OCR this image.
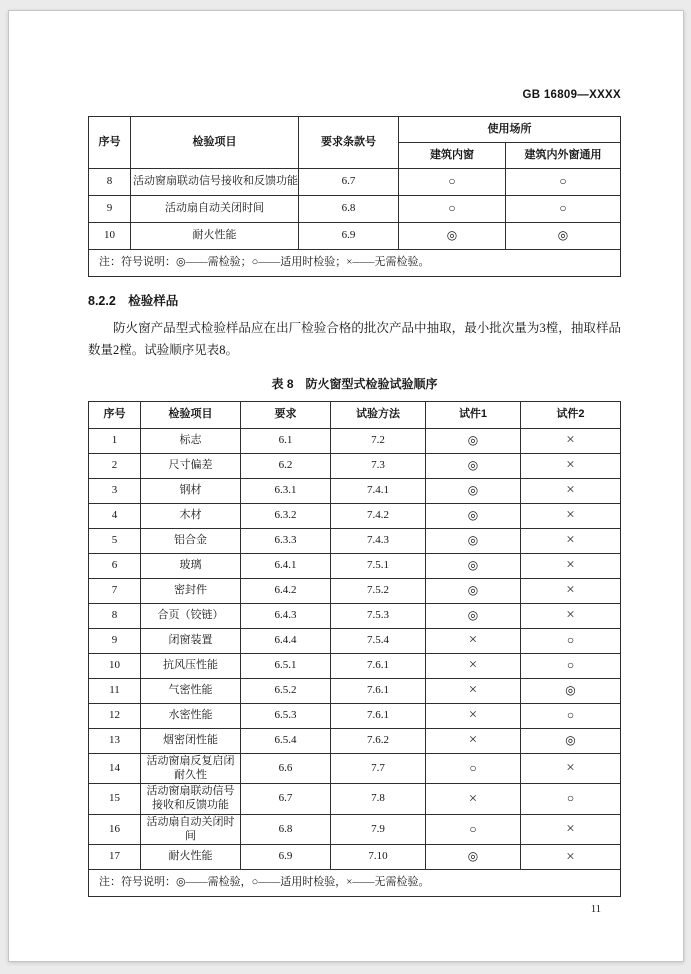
GB 16809—XXXX
序号	检验项目	要求条款号	使用场所	
			建筑内窗	建筑内外窗通用
8	活动窗扇联动信号接收和反馈功能	6.7	○	○
9	活动扇自动关闭时间	6.8	○	○
10	耐火性能	6.9	◎	◎
注：符号说明：◎——需检验；○——适用时检验；×——无需检验。				
8.2.2　检验样品

防火窗产品型式检验样品应在出厂检验合格的批次产品中抽取，最小批次量为3樘，抽取样品数量2樘。试验顺序见表8。

表 8　防火窗型式检验试验顺序
序号	检验项目	要求	试验方法	试件1	试件2
1	标志	6.1	7.2	◎	×
2	尺寸偏差	6.2	7.3	◎	×
3	钢材	6.3.1	7.4.1	◎	×
4	木材	6.3.2	7.4.2	◎	×
5	铝合金	6.3.3	7.4.3	◎	×
6	玻璃	6.4.1	7.5.1	◎	×
7	密封件	6.4.2	7.5.2	◎	×
8	合页（铰链）	6.4.3	7.5.3	◎	×
9	闭窗装置	6.4.4	7.5.4	×	○
10	抗风压性能	6.5.1	7.6.1	×	○
11	气密性能	6.5.2	7.6.1	×	◎
12	水密性能	6.5.3	7.6.1	×	○
13	烟密闭性能	6.5.4	7.6.2	×	◎
14	活动窗扇反复启闭耐久性	6.6	7.7	○	×
15	活动窗扇联动信号接收和反馈功能	6.7	7.8	×	○
16	活动扇自动关闭时间	6.8	7.9	○	×
17	耐火性能	6.9	7.10	◎	×
注：符号说明：◎——需检验，○——适用时检验，×——无需检验。					
11
